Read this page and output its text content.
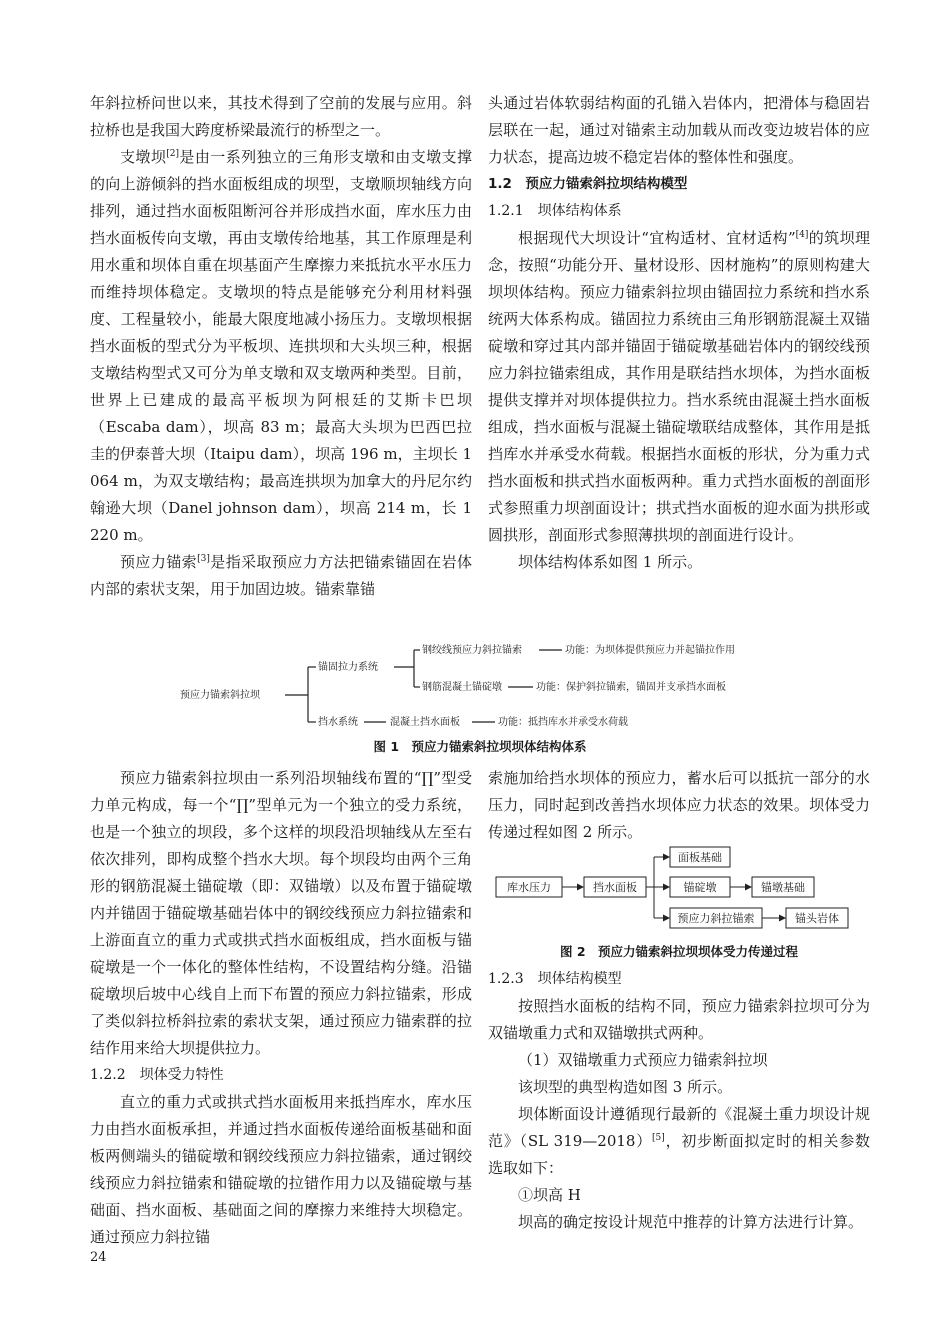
年斜拉桥问世以来，其技术得到了空前的发展与应用。斜拉桥也是我国大跨度桥梁最流行的桥型之一。

支墩坝[2]是由一系列独立的三角形支墩和由支墩支撑的向上游倾斜的挡水面板组成的坝型，支墩顺坝轴线方向排列，通过挡水面板阻断河谷并形成挡水面，库水压力由挡水面板传向支墩，再由支墩传给地基，其工作原理是利用水重和坝体自重在坝基面产生摩擦力来抵抗水平水压力而维持坝体稳定。支墩坝的特点是能够充分利用材料强度、工程量较小，能最大限度地减小扬压力。支墩坝根据挡水面板的型式分为平板坝、连拱坝和大头坝三种，根据支墩结构型式又可分为单支墩和双支墩两种类型。目前，世界上已建成的最高平板坝为阿根廷的艾斯卡巴坝（Escaba dam），坝高 83 m；最高大头坝为巴西巴拉圭的伊泰普大坝（Itaipu dam），坝高 196 m，主坝长 1 064 m，为双支墩结构；最高连拱坝为加拿大的丹尼尔约翰逊大坝（Danel johnson dam），坝高 214 m，长 1 220 m。

预应力锚索[3]是指采取预应力方法把锚索锚固在岩体内部的索状支架，用于加固边坡。锚索靠锚

头通过岩体软弱结构面的孔锚入岩体内，把滑体与稳固岩层联在一起，通过对锚索主动加载从而改变边坡岩体的应力状态，提高边坡不稳定岩体的整体性和强度。

1.2　预应力锚索斜拉坝结构模型

1.2.1　坝体结构体系

根据现代大坝设计“宜构适材、宜材适构”[4]的筑坝理念，按照“功能分开、量材设形、因材施构”的原则构建大坝坝体结构。预应力锚索斜拉坝由锚固拉力系统和挡水系统两大体系构成。锚固拉力系统由三角形钢筋混凝土双锚碇墩和穿过其内部并锚固于锚碇墩基础岩体内的钢绞线预应力斜拉锚索组成，其作用是联结挡水坝体，为挡水面板提供支撑并对坝体提供拉力。挡水系统由混凝土挡水面板组成，挡水面板与混凝土锚碇墩联结成整体，其作用是抵挡库水并承受水荷载。根据挡水面板的形状，分为重力式挡水面板和拱式挡水面板两种。重力式挡水面板的剖面形式参照重力坝剖面设计；拱式挡水面板的迎水面为拱形或圆拱形，剖面形式参照薄拱坝的剖面进行设计。

坝体结构体系如图 1 所示。

预应力锚索斜拉坝
锚固拉力系统
钢绞线预应力斜拉锚索	功能：为坝体提供预应力并起锚拉作用
钢筋混凝土锚碇墩	功能：保护斜拉锚索，锚固并支承挡水面板
挡水系统	混凝土挡水面板	功能：抵挡库水并承受水荷载
图 1　预应力锚索斜拉坝坝体结构体系

预应力锚索斜拉坝由一系列沿坝轴线布置的“∏”型受力单元构成，每一个“∏”型单元为一个独立的受力系统，也是一个独立的坝段，多个这样的坝段沿坝轴线从左至右依次排列，即构成整个挡水大坝。每个坝段均由两个三角形的钢筋混凝土锚碇墩（即：双锚墩）以及布置于锚碇墩内并锚固于锚碇墩基础岩体中的钢绞线预应力斜拉锚索和上游面直立的重力式或拱式挡水面板组成，挡水面板与锚碇墩是一个一体化的整体性结构，不设置结构分缝。沿锚碇墩坝后坡中心线自上而下布置的预应力斜拉锚索，形成了类似斜拉桥斜拉索的索状支架，通过预应力锚索群的拉结作用来给大坝提供拉力。

1.2.2　坝体受力特性

直立的重力式或拱式挡水面板用来抵挡库水，库水压力由挡水面板承担，并通过挡水面板传递给面板基础和面板两侧端头的锚碇墩和钢绞线预应力斜拉锚索，通过钢绞线预应力斜拉锚索和锚碇墩的拉错作用力以及锚碇墩与基础面、挡水面板、基础面之间的摩擦力来维持大坝稳定。通过预应力斜拉锚

索施加给挡水坝体的预应力，蓄水后可以抵抗一部分的水压力，同时起到改善挡水坝体应力状态的效果。坝体受力传递过程如图 2 所示。

库水压力	挡水面板
面板基础
锚碇墩	锚墩基础
预应力斜拉锚索	锚头岩体
图 2　预应力锚索斜拉坝坝体受力传递过程

1.2.3　坝体结构模型

按照挡水面板的结构不同，预应力锚索斜拉坝可分为双锚墩重力式和双锚墩拱式两种。

（1）双锚墩重力式预应力锚索斜拉坝

该坝型的典型构造如图 3 所示。

坝体断面设计遵循现行最新的《混凝土重力坝设计规范》（SL 319—2018）[5]，初步断面拟定时的相关参数选取如下：

①坝高 H

坝高的确定按设计规范中推荐的计算方法进行计算。

24
